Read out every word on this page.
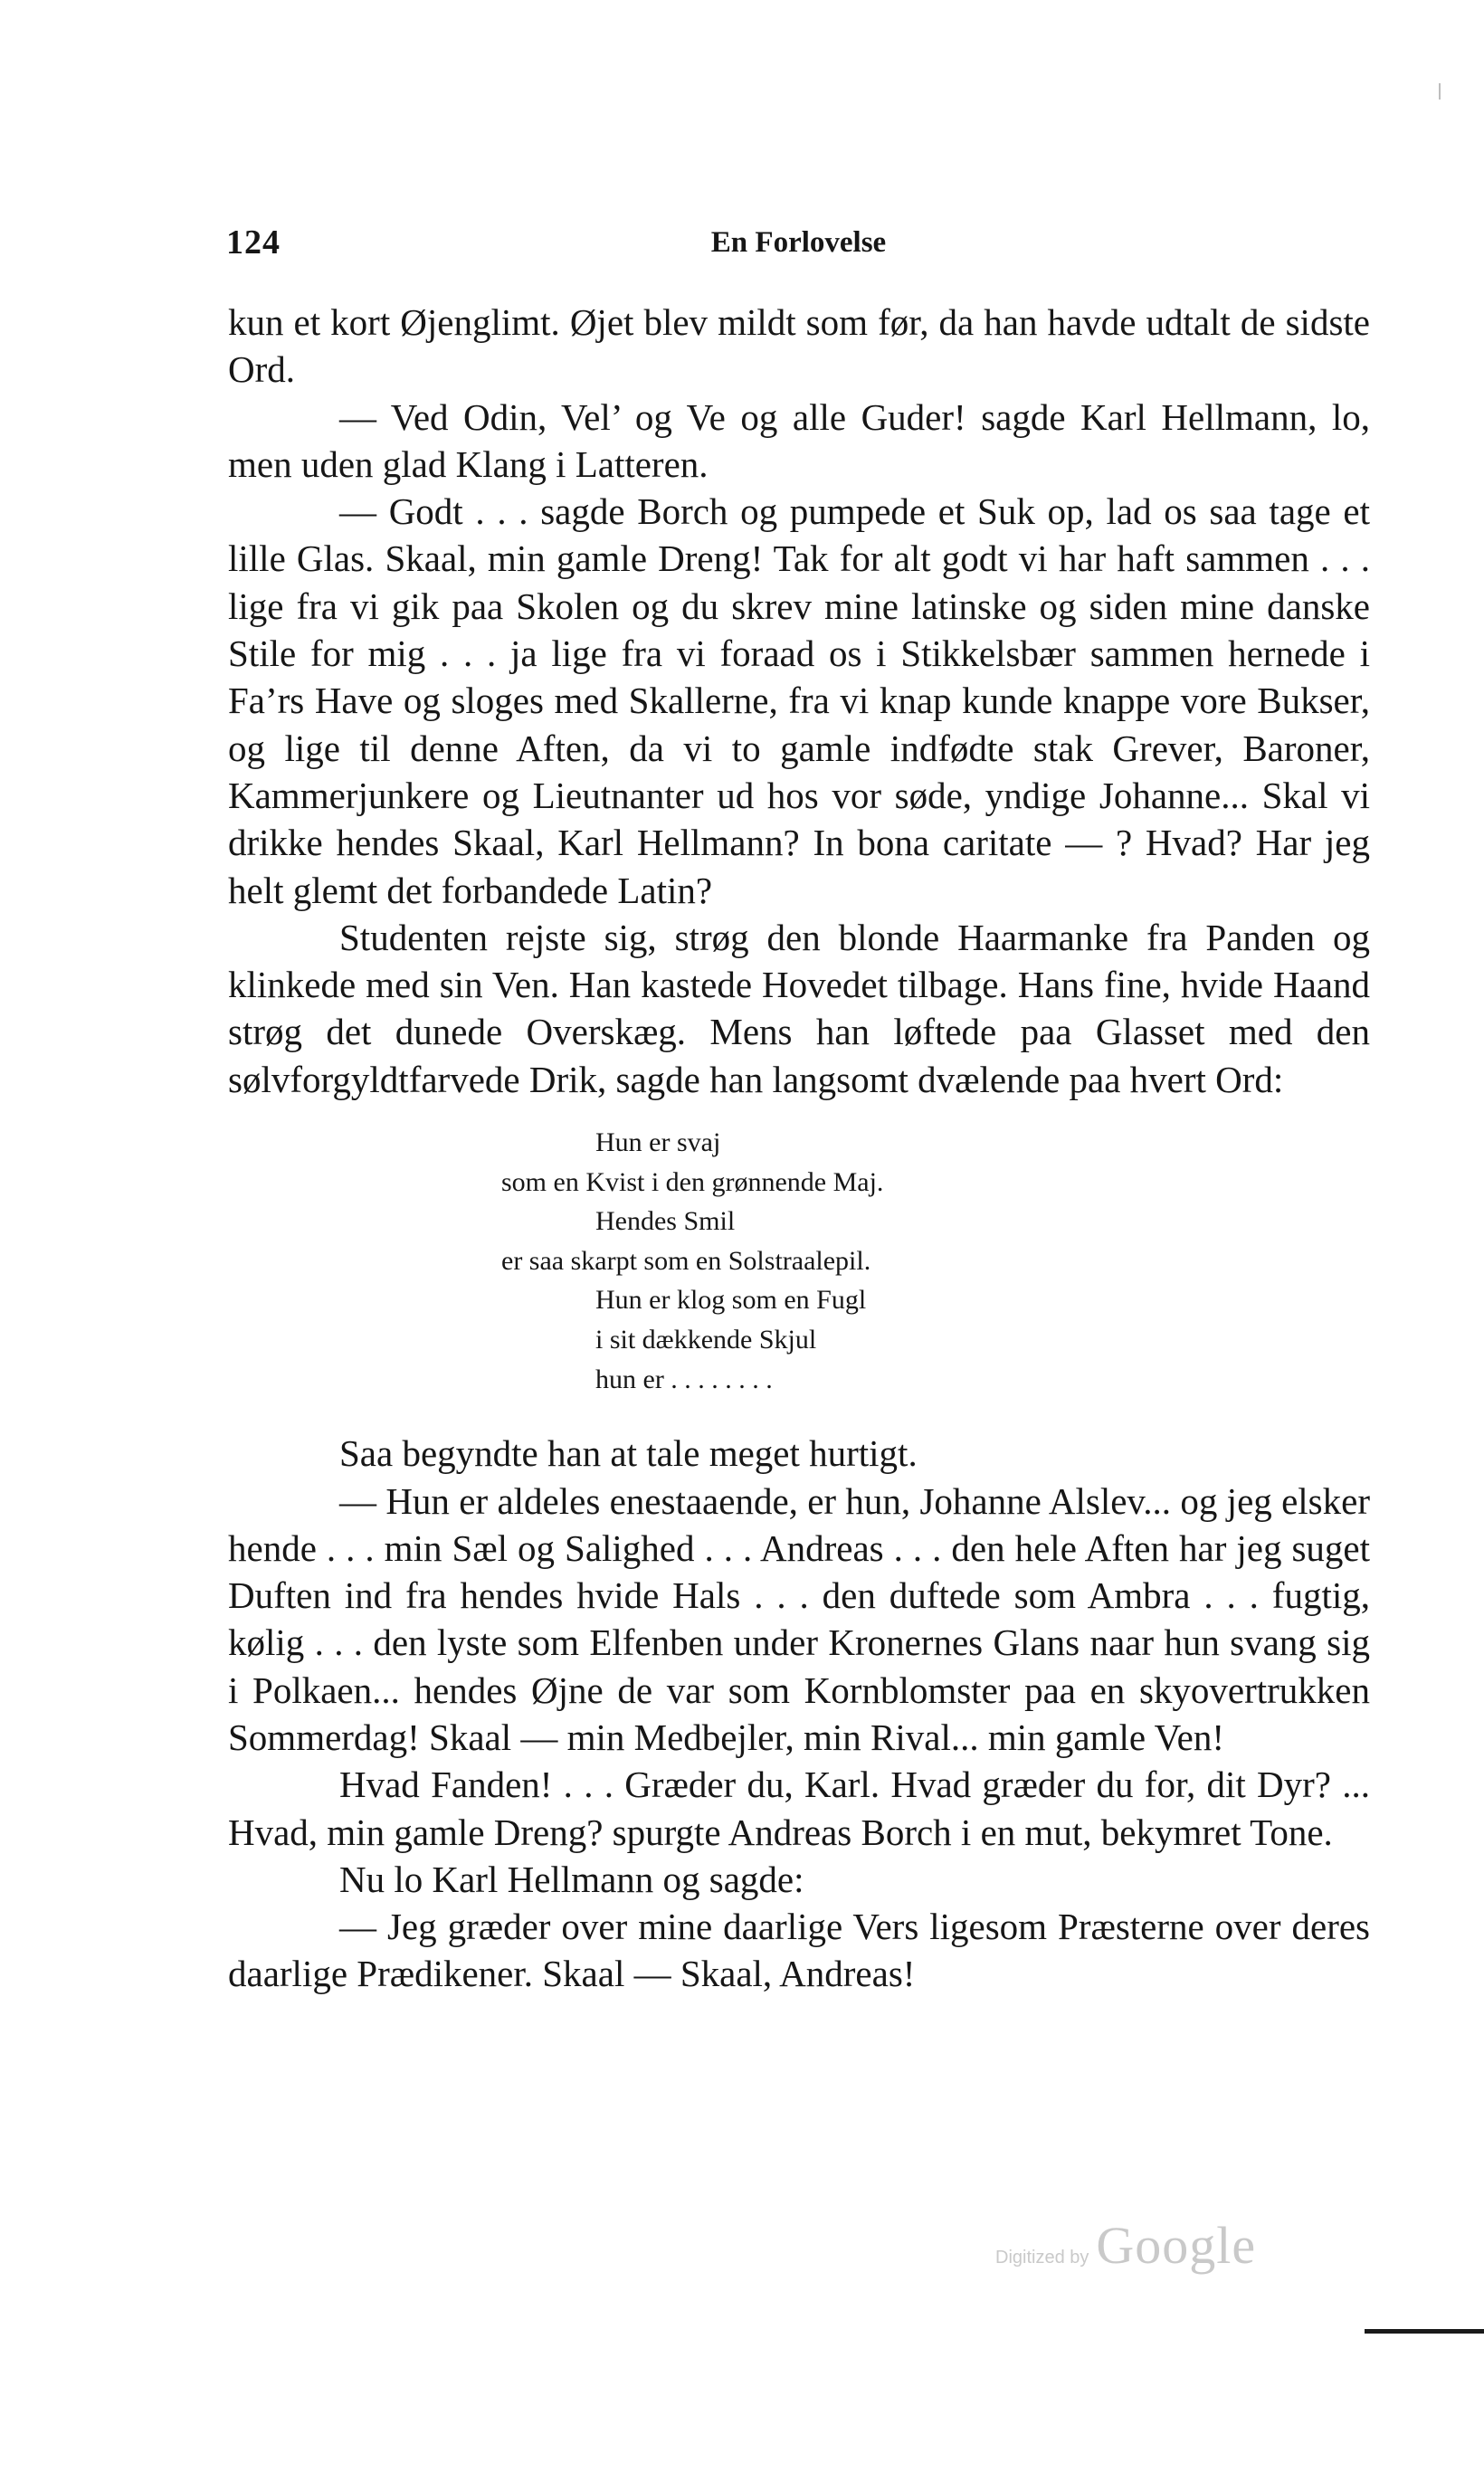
124	En Forlovelse

kun et kort Øjenglimt. Øjet blev mildt som før, da han havde udtalt de sidste Ord.

— Ved Odin, Vel’ og Ve og alle Guder! sagde Karl Hellmann, lo, men uden glad Klang i Latteren.

— Godt . . . sagde Borch og pumpede et Suk op, lad os saa tage et lille Glas. Skaal, min gamle Dreng! Tak for alt godt vi har haft sammen . . . lige fra vi gik paa Skolen og du skrev mine latinske og siden mine danske Stile for mig . . . ja lige fra vi foraad os i Stikkelsbær sammen hernede i Fa’rs Have og sloges med Skallerne, fra vi knap kunde knappe vore Bukser, og lige til denne Aften, da vi to gamle indfødte stak Grever, Baroner, Kammerjunkere og Lieutnanter ud hos vor søde, yndige Johanne... Skal vi drikke hendes Skaal, Karl Hellmann? In bona caritate — ? Hvad? Har jeg helt glemt det forbandede Latin?

Studenten rejste sig, strøg den blonde Haarmanke fra Panden og klinkede med sin Ven. Han kastede Hovedet tilbage. Hans fine, hvide Haand strøg det dunede Overskæg. Mens han løftede paa Glasset med den sølvforgyldtfarvede Drik, sagde han langsomt dvælende paa hvert Ord:

Hun er svaj
som en Kvist i den grønnende Maj.
Hendes Smil
er saa skarpt som en Solstraalepil.
Hun er klog som en Fugl
i sit dækkende Skjul
hun er . . . . . . . .

Saa begyndte han at tale meget hurtigt.

— Hun er aldeles enestaaende, er hun, Johanne Alslev... og jeg elsker hende . . . min Sæl og Salighed . . . Andreas . . . den hele Aften har jeg suget Duften ind fra hendes hvide Hals . . . den duftede som Ambra . . . fugtig, kølig . . . den lyste som Elfenben under Kronernes Glans naar hun svang sig i Polkaen... hendes Øjne de var som Kornblomster paa en skyovertrukken Sommerdag! Skaal — min Medbejler, min Rival... min gamle Ven!

Hvad Fanden! . . . Græder du, Karl. Hvad græder du for, dit Dyr? ... Hvad, min gamle Dreng? spurgte Andreas Borch i en mut, bekymret Tone.

Nu lo Karl Hellmann og sagde:

— Jeg græder over mine daarlige Vers ligesom Præsterne over deres daarlige Prædikener. Skaal — Skaal, Andreas!

Digitized by Google
